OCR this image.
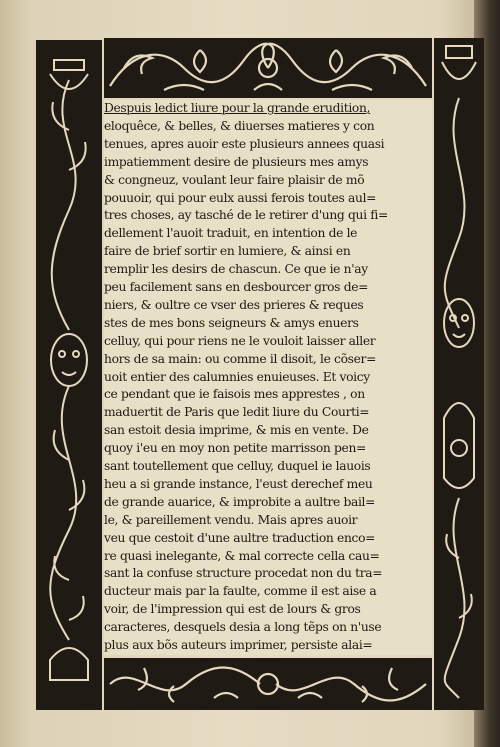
Despuis ledict liure pour la grande erudition,
eloquêce, & belles, & diuerses matieres y con
tenues, apres auoir este plusieurs annees quasi
impatiemment desire de plusieurs mes amys
& congneuz, voulant leur faire plaisir de mõ
pouuoir, qui pour eulx aussi ferois toutes aul=
tres choses, ay tasché de le retirer d'ung qui fi=
dellement l'auoit traduit, en intention de le
faire de brief sortir en lumiere, & ainsi en
remplir les desirs de chascun. Ce que ie n'ay
peu facilement sans en desbourcer gros de=
niers, & oultre ce vser des prieres & reques
stes de mes bons seigneurs & amys enuers
celluy, qui pour riens ne le vouloit laisser aller
hors de sa main: ou comme il disoit, le cõser=
uoit entier des calumnies enuieuses. Et voicy
ce pendant que ie faisois mes apprestes , on
maduertit de Paris que ledit liure du Courti=
san estoit desia imprime, & mis en vente. De
quoy i'eu en moy non petite marrisson pen=
sant toutellement que celluy, duquel ie lauois
heu a si grande instance, l'eust derechef meu
de grande auarice, & improbite a aultre bail=
le, & pareillement vendu. Mais apres auoir
veu que cestoit d'une aultre traduction enco=
re quasi inelegante, & mal correcte cella cau=
sant la confuse structure procedat non du tra=
ducteur mais par la faulte, comme il est aise a
voir, de l'impression qui est de lours & gros
caracteres, desquels desia a long tẽps on n'use
plus aux bõs auteurs imprimer, persiste alai=
